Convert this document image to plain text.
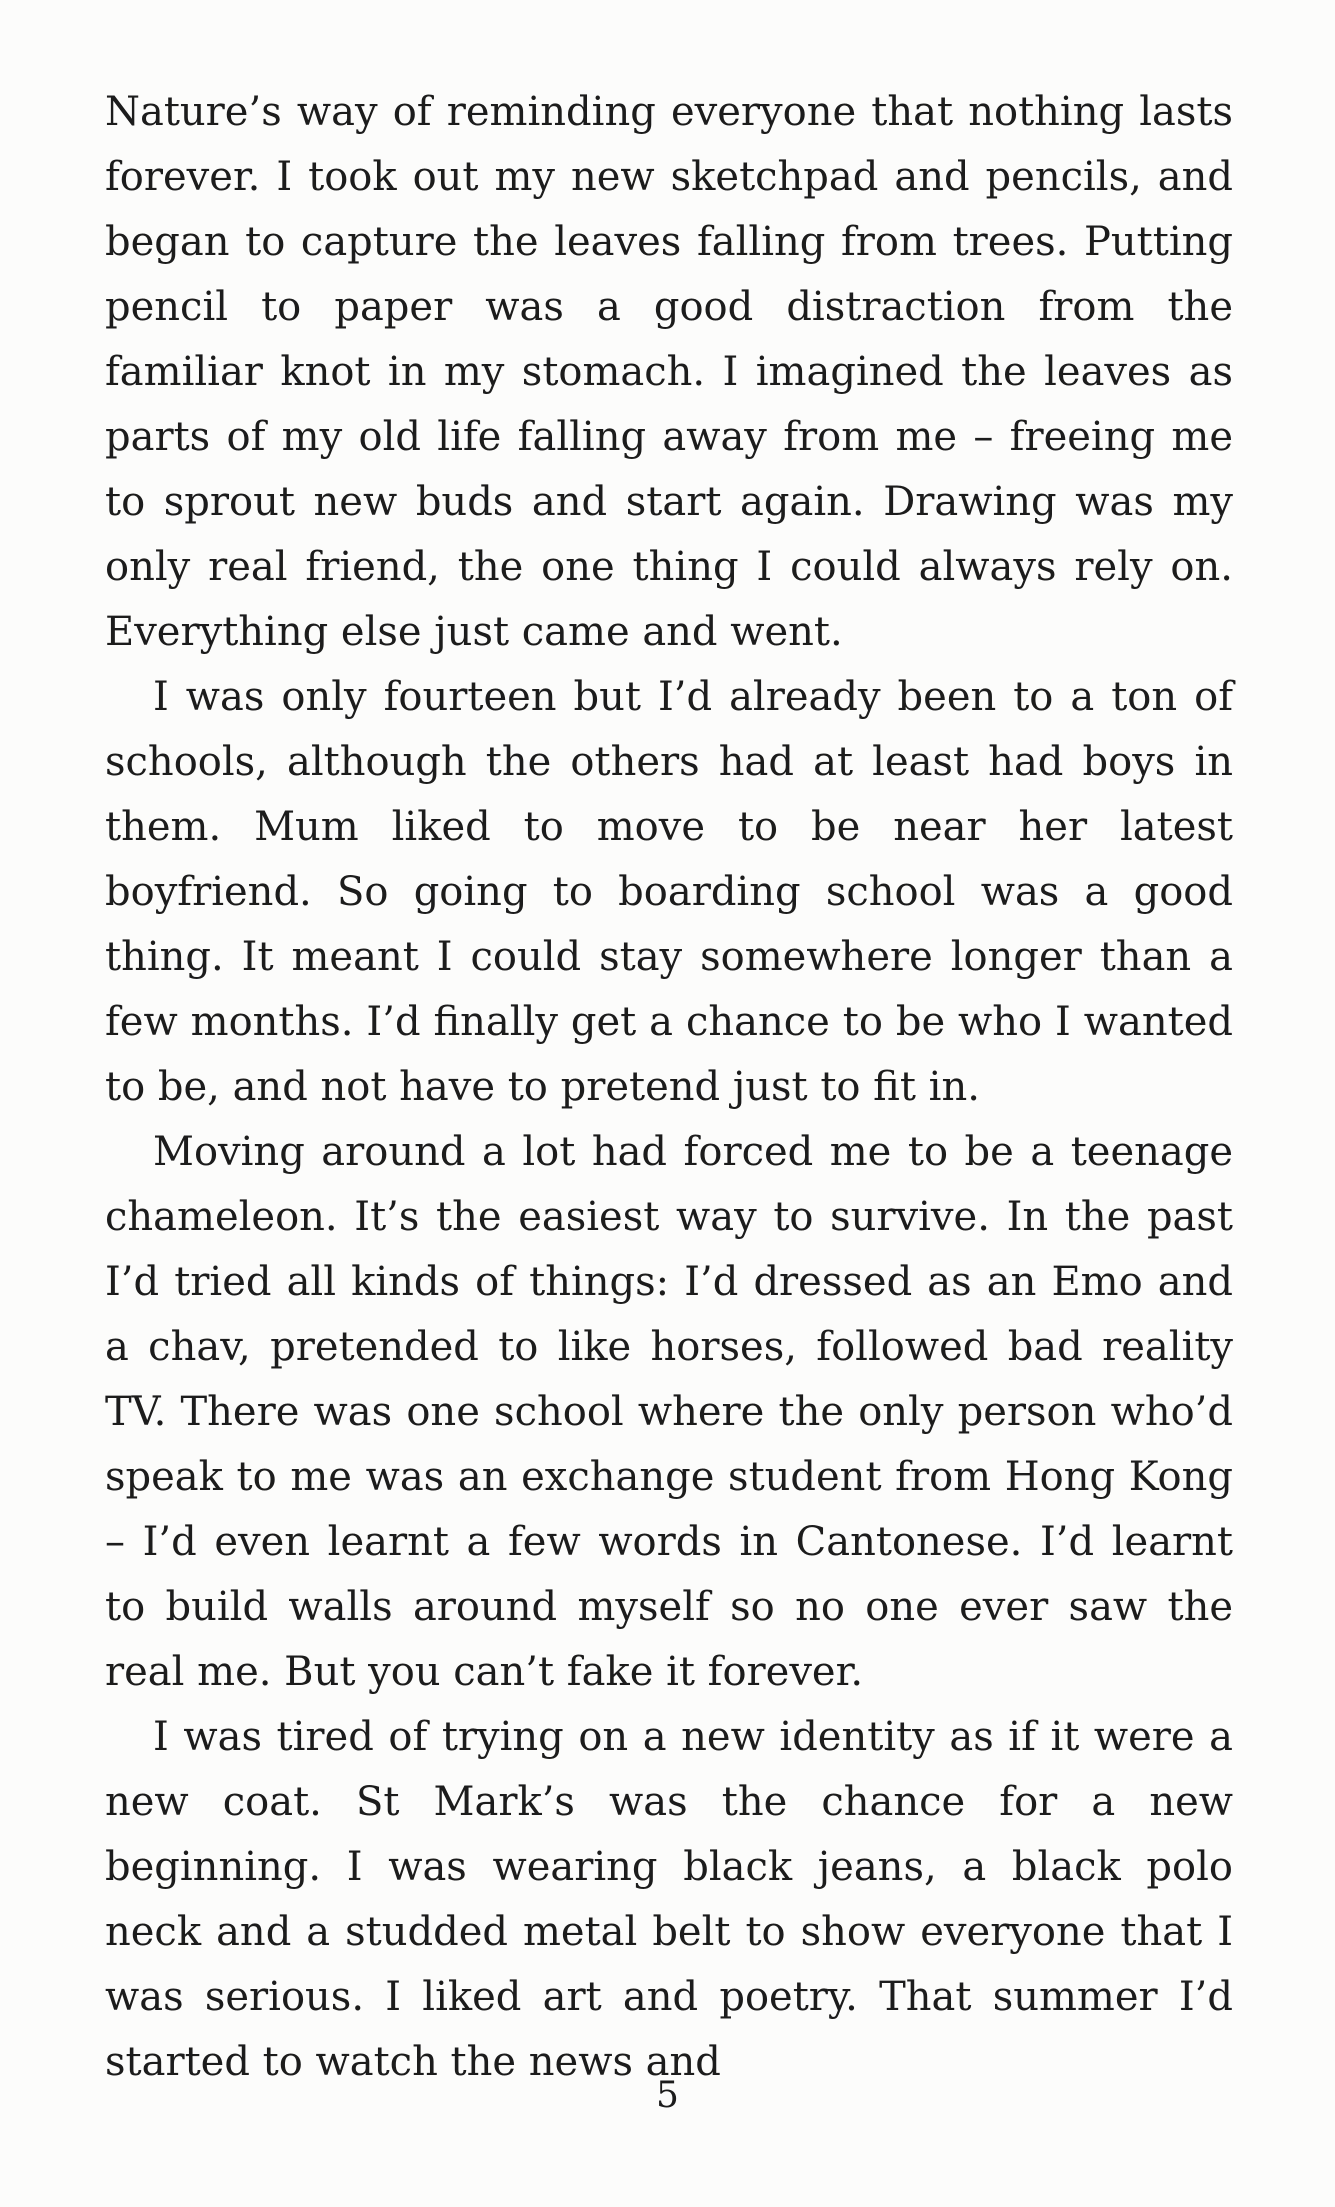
Nature’s way of reminding everyone that nothing lasts forever. I took out my new sketchpad and pencils, and began to capture the leaves falling from trees. Putting pencil to paper was a good distraction from the familiar knot in my stomach. I imagined the leaves as parts of my old life falling away from me – freeing me to sprout new buds and start again. Drawing was my only real friend, the one thing I could always rely on. Everything else just came and went.

I was only fourteen but I’d already been to a ton of schools, although the others had at least had boys in them. Mum liked to move to be near her latest boyfriend. So going to boarding school was a good thing. It meant I could stay somewhere longer than a few months. I’d finally get a chance to be who I wanted to be, and not have to pretend just to fit in.

Moving around a lot had forced me to be a teenage chameleon. It’s the easiest way to survive. In the past I’d tried all kinds of things: I’d dressed as an Emo and a chav, pretended to like horses, followed bad reality TV. There was one school where the only person who’d speak to me was an exchange student from Hong Kong – I’d even learnt a few words in Cantonese. I’d learnt to build walls around myself so no one ever saw the real me. But you can’t fake it forever.

I was tired of trying on a new identity as if it were a new coat. St Mark’s was the chance for a new beginning. I was wearing black jeans, a black polo neck and a studded metal belt to show everyone that I was serious. I liked art and poetry. That summer I’d started to watch the news and

5
